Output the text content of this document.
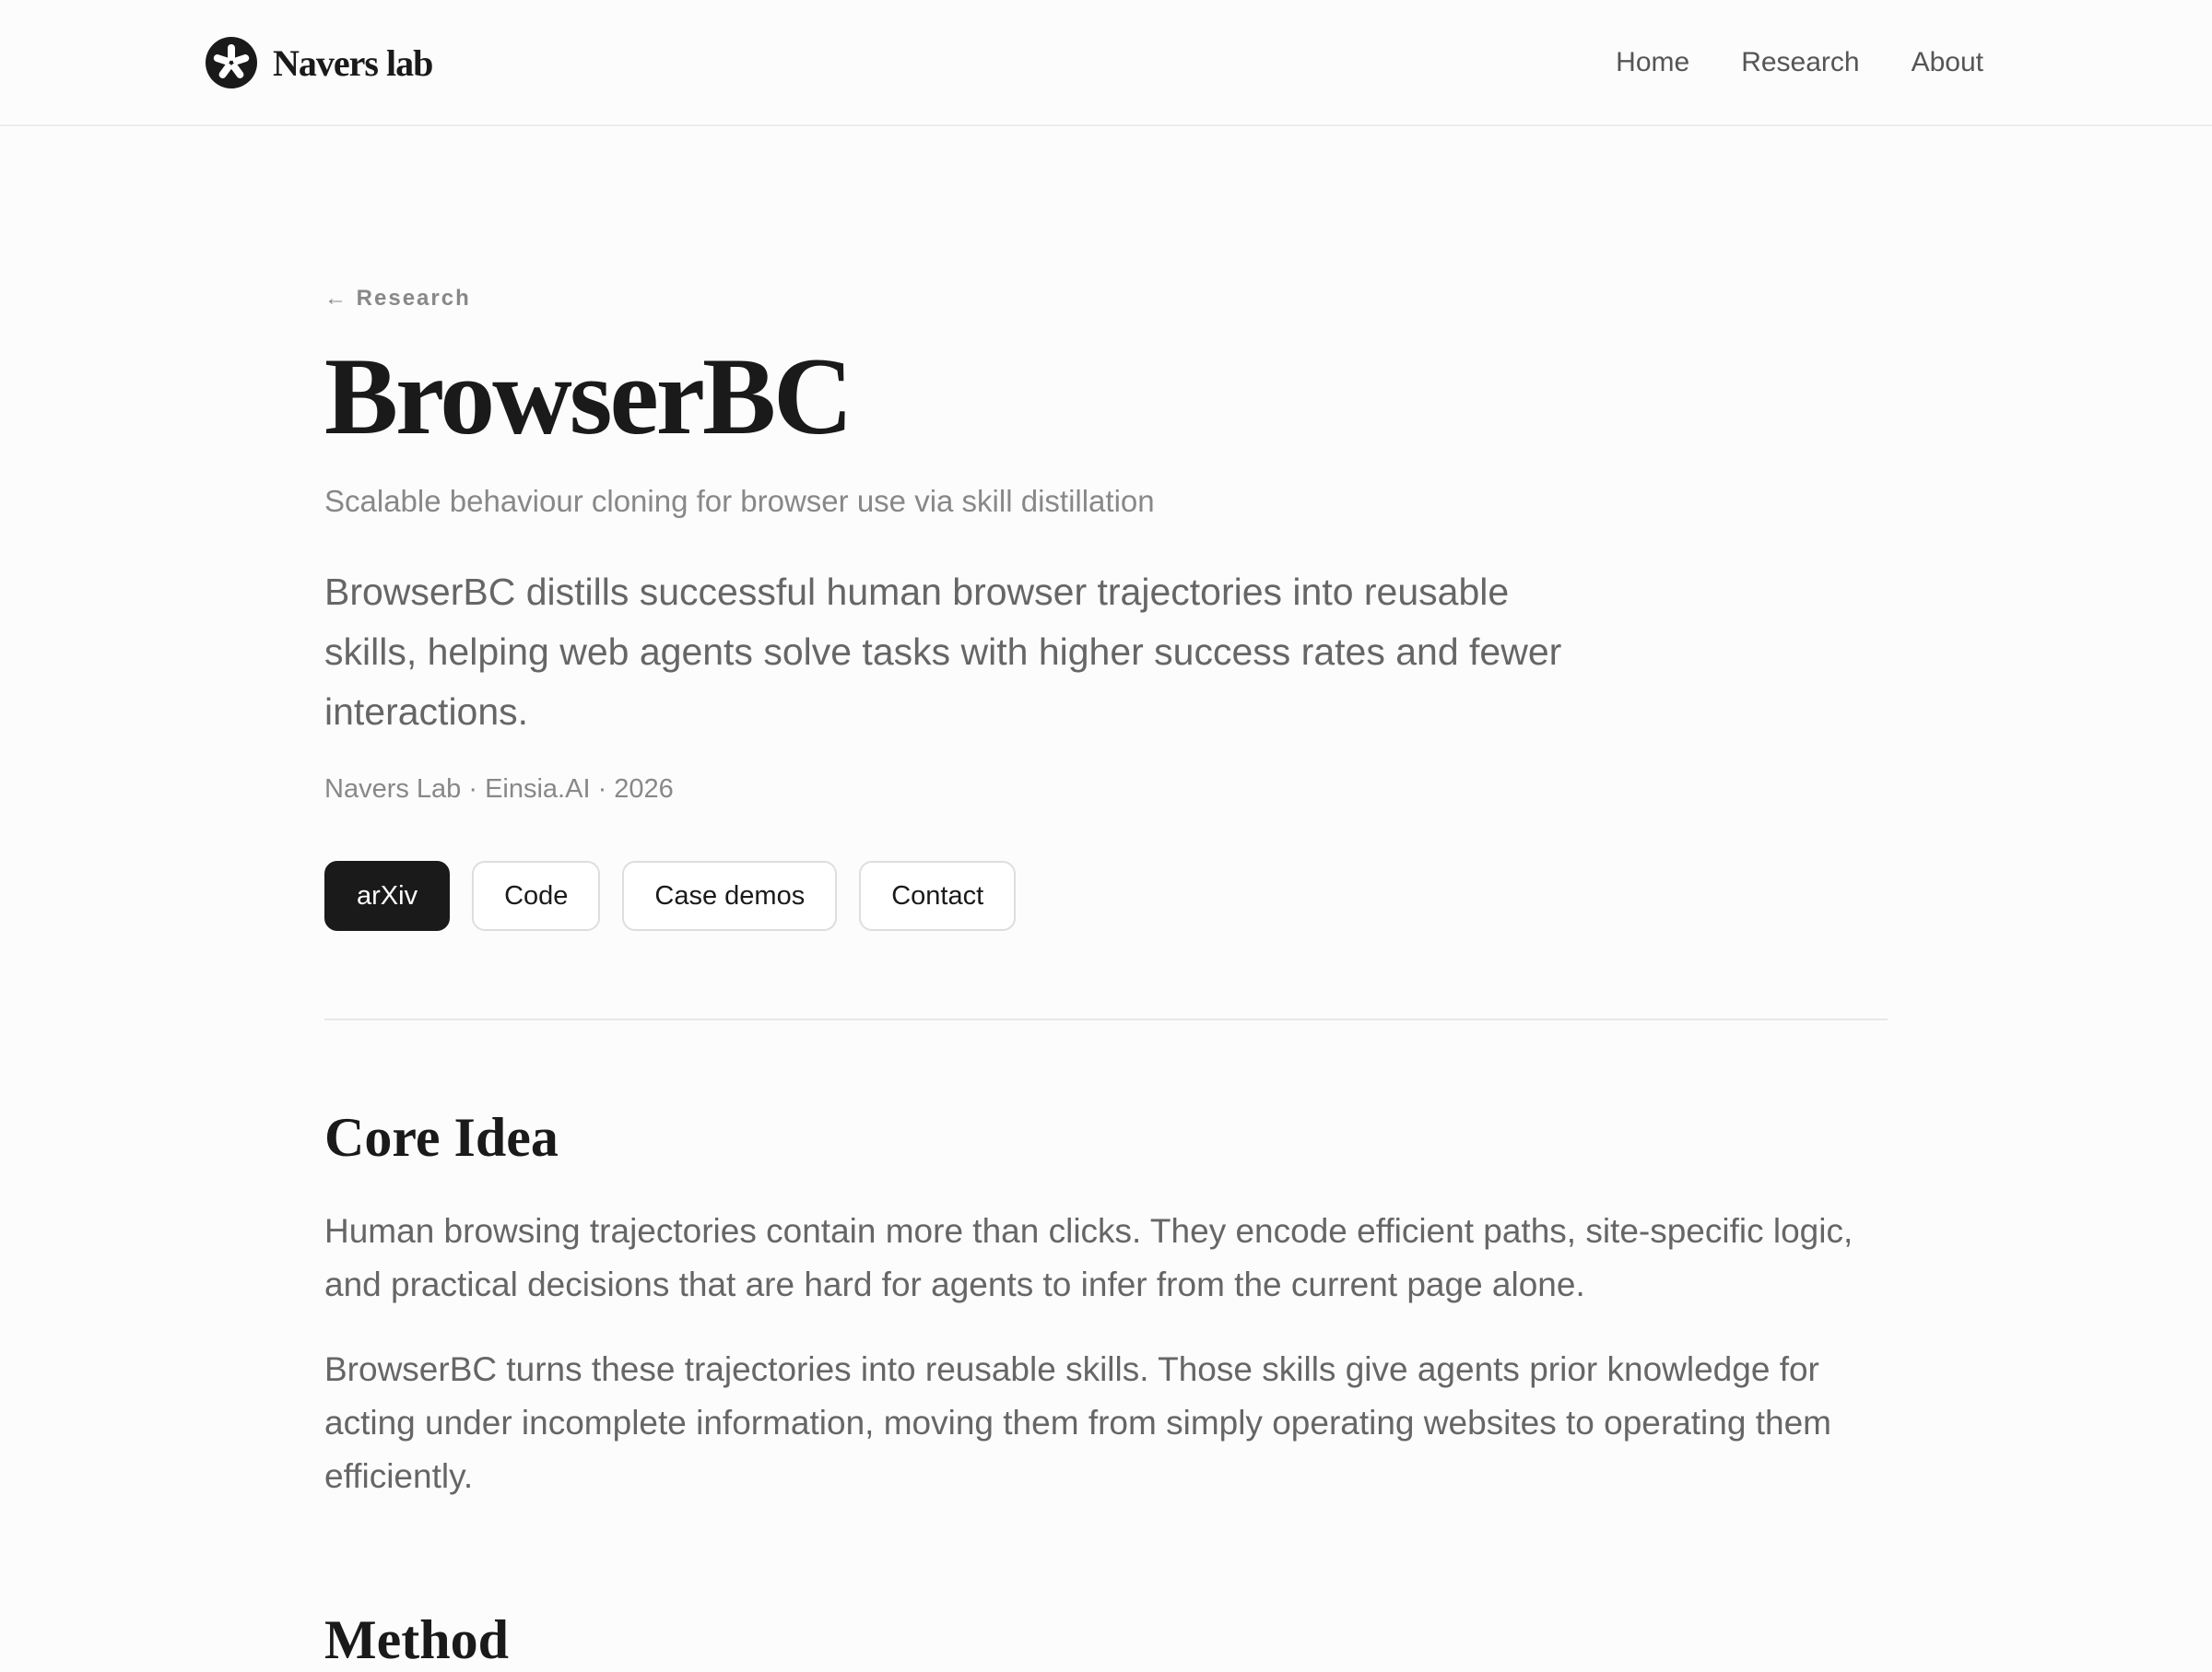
Navers lab	Home Research About
← Research
BrowserBC

Scalable behaviour cloning for browser use via skill distillation

BrowserBC distills successful human browser trajectories into reusable skills, helping web agents solve tasks with higher success rates and fewer interactions.

Navers Lab · Einsia.AI · 2026

arXiv	Code	Case demos	Contact
Core Idea

Human browsing trajectories contain more than clicks. They encode efficient paths, site-specific logic, and practical decisions that are hard for agents to infer from the current page alone.

BrowserBC turns these trajectories into reusable skills. Those skills give agents prior knowledge for acting under incomplete information, moving them from simply operating websites to operating them efficiently.

Method
